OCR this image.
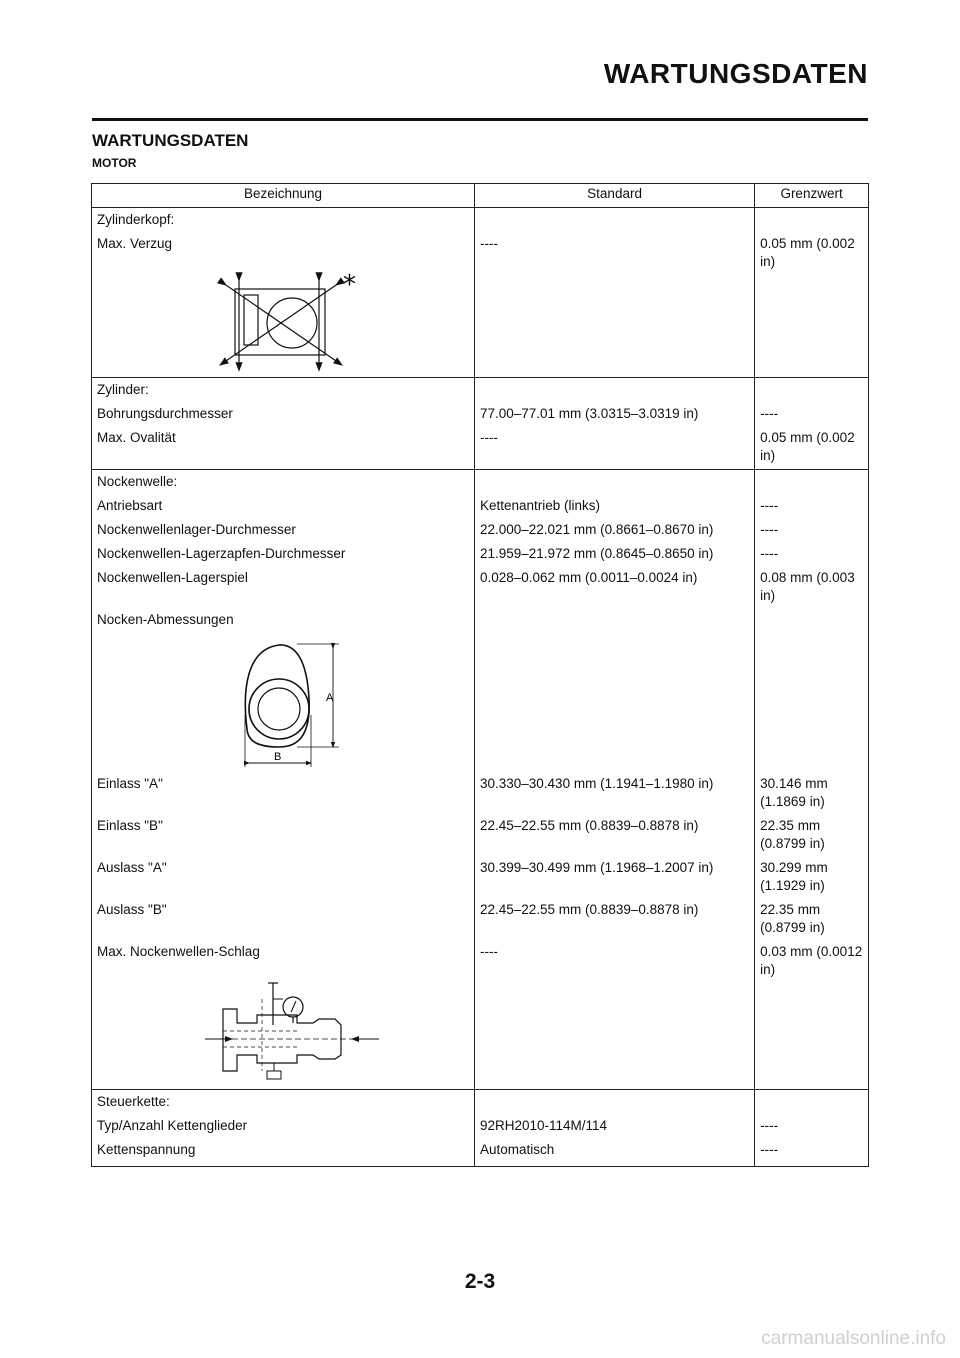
WARTUNGSDATEN
WARTUNGSDATEN
MOTOR
Bezeichnung	Standard	Grenzwert
Zylinderkopf:		
Max. Verzug	----	0.05 mm (0.002 in)

*		

Zylinder:		
Bohrungsdurchmesser	77.00–77.01 mm (3.0315–3.0319 in)	----
Max. Ovalität	----	0.05 mm (0.002 in)

Nockenwelle:		
Antriebsart	Kettenantrieb (links)	----
Nockenwellenlager-Durchmesser	22.000–22.021 mm (0.8661–0.8670 in)	----
Nockenwellen-Lagerzapfen-Durchmesser	21.959–21.972 mm (0.8645–0.8650 in)	----
Nockenwellen-Lagerspiel	0.028–0.062 mm (0.0011–0.0024 in)	0.08 mm (0.003 in)
Nocken-Abmessungen		

A
B		

Einlass "A"	30.330–30.430 mm (1.1941–1.1980 in)	30.146 mm (1.1869 in)
Einlass "B"	22.45–22.55 mm (0.8839–0.8878 in)	22.35 mm (0.8799 in)
Auslass "A"	30.399–30.499 mm (1.1968–1.2007 in)	30.299 mm (1.1929 in)
Auslass "B"	22.45–22.55 mm (0.8839–0.8878 in)	22.35 mm (0.8799 in)
Max. Nockenwellen-Schlag	----	0.03 mm (0.0012 in)

Steuerkette:		
Typ/Anzahl Kettenglieder	92RH2010-114M/114	----
Kettenspannung	Automatisch	----
2-3
carmanualsonline.info
